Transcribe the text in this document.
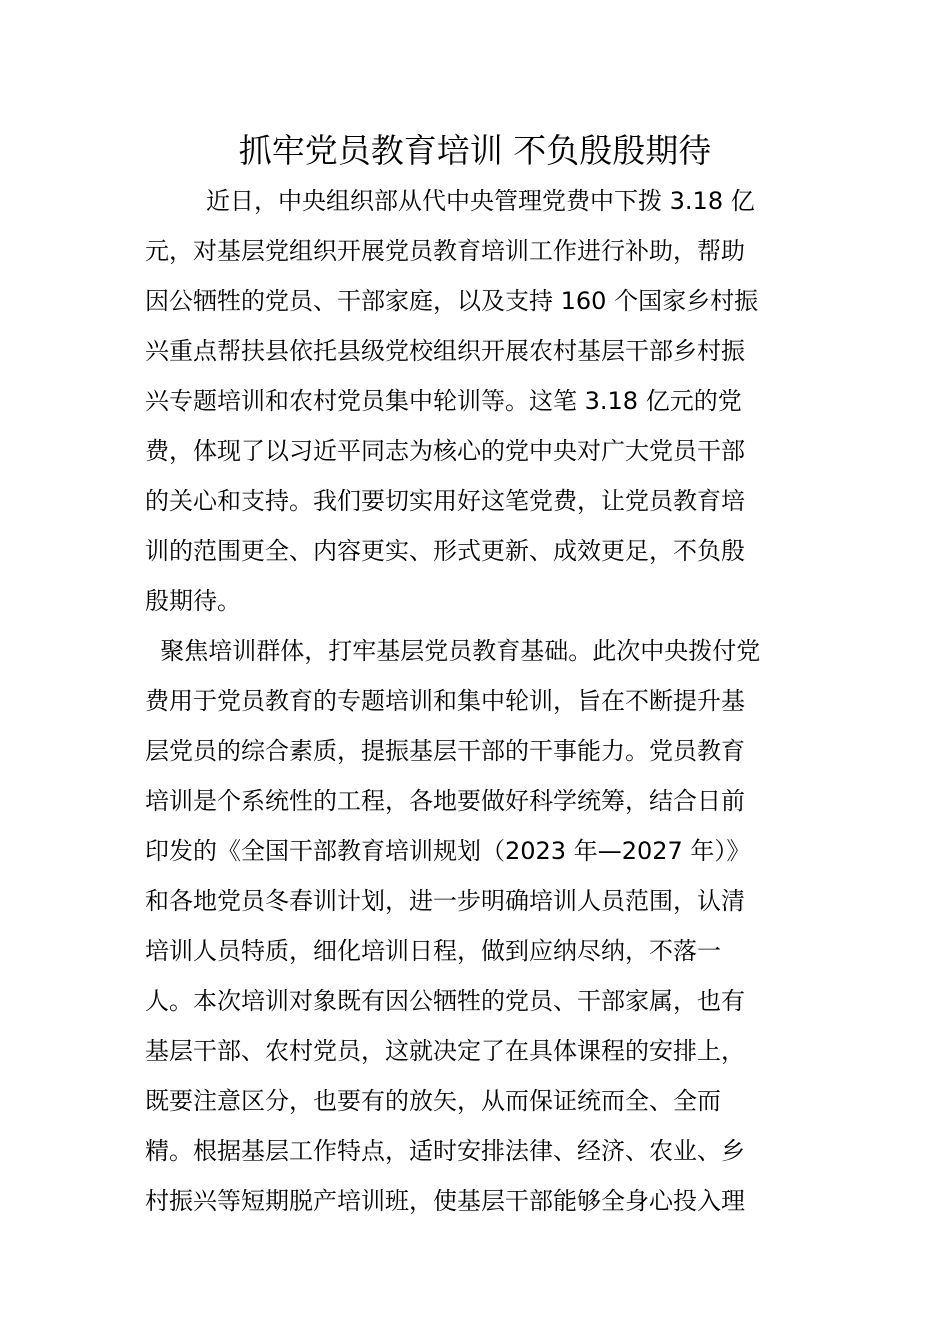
抓牢党员教育培训 不负殷殷期待
近日，中央组织部从代中央管理党费中下拨 3.18 亿
元，对基层党组织开展党员教育培训工作进行补助，帮助
因公牺牲的党员、干部家庭，以及支持 160 个国家乡村振
兴重点帮扶县依托县级党校组织开展农村基层干部乡村振
兴专题培训和农村党员集中轮训等。这笔 3.18 亿元的党
费，体现了以习近平同志为核心的党中央对广大党员干部
的关心和支持。我们要切实用好这笔党费，让党员教育培
训的范围更全、内容更实、形式更新、成效更足，不负殷
殷期待。
聚焦培训群体，打牢基层党员教育基础。此次中央拨付党
费用于党员教育的专题培训和集中轮训，旨在不断提升基
层党员的综合素质，提振基层干部的干事能力。党员教育
培训是个系统性的工程，各地要做好科学统筹，结合日前
印发的《全国干部教育培训规划（2023 年—2027 年）》
和各地党员冬春训计划，进一步明确培训人员范围，认清
培训人员特质，细化培训日程，做到应纳尽纳，不落一
人。本次培训对象既有因公牺牲的党员、干部家属，也有
基层干部、农村党员，这就决定了在具体课程的安排上，
既要注意区分，也要有的放矢，从而保证统而全、全而
精。根据基层工作特点，适时安排法律、经济、农业、乡
村振兴等短期脱产培训班，使基层干部能够全身心投入理
